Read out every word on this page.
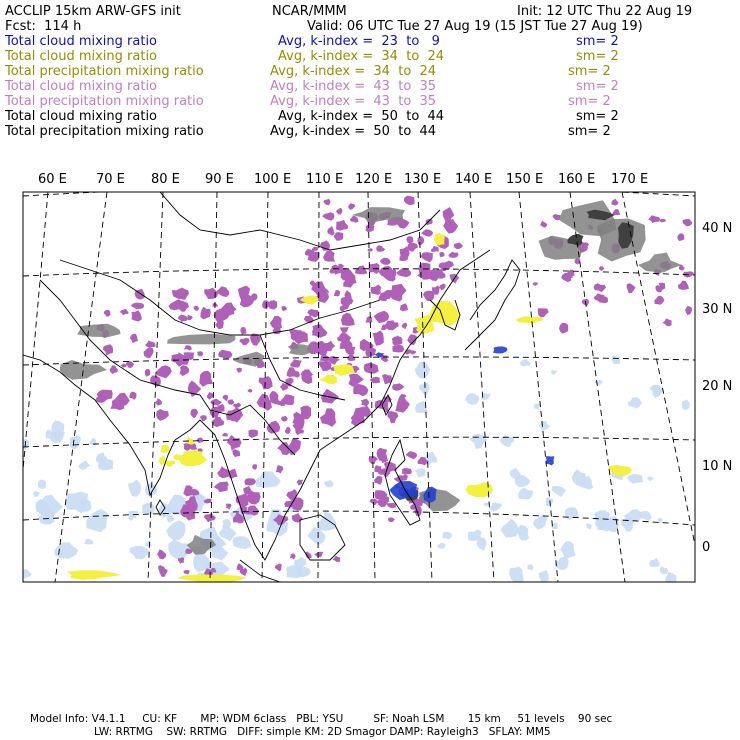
ACCLIP 15km ARW-GFS init	NCAR/MMM	Init: 12 UTC Thu 22 Aug 19
Fcst:  114 h	Valid: 06 UTC Tue 27 Aug 19 (15 JST Tue 27 Aug 19)
Total cloud mixing ratio	Avg, k-index =  23  to   9	sm= 2
Total cloud mixing ratio	Avg, k-index =  34  to  24	sm= 2
Total precipitation mixing ratio	Avg, k-index =  34  to  24	sm= 2
Total cloud mixing ratio	Avg, k-index =  43  to  35	sm= 2
Total precipitation mixing ratio	Avg, k-index =  43  to  35	sm= 2
Total cloud mixing ratio	Avg, k-index =  50  to  44	sm= 2
Total precipitation mixing ratio	Avg, k-index =  50  to  44	sm= 2
60 E 70 E 80 E 90 E 100 E 110 E 120 E 130 E 140 E 150 E 160 E 170 E
40 N
30 N
20 N
10 N
0
Model Info: V4.1.1     CU: KF       MP: WDM 6class   PBL: YSU         SF: Noah LSM       15 km     51 levels    90 sec
LW: RRTMG    SW: RRTMG   DIFF: simple KM: 2D Smagor DAMP: Rayleigh3   SFLAY: MM5
